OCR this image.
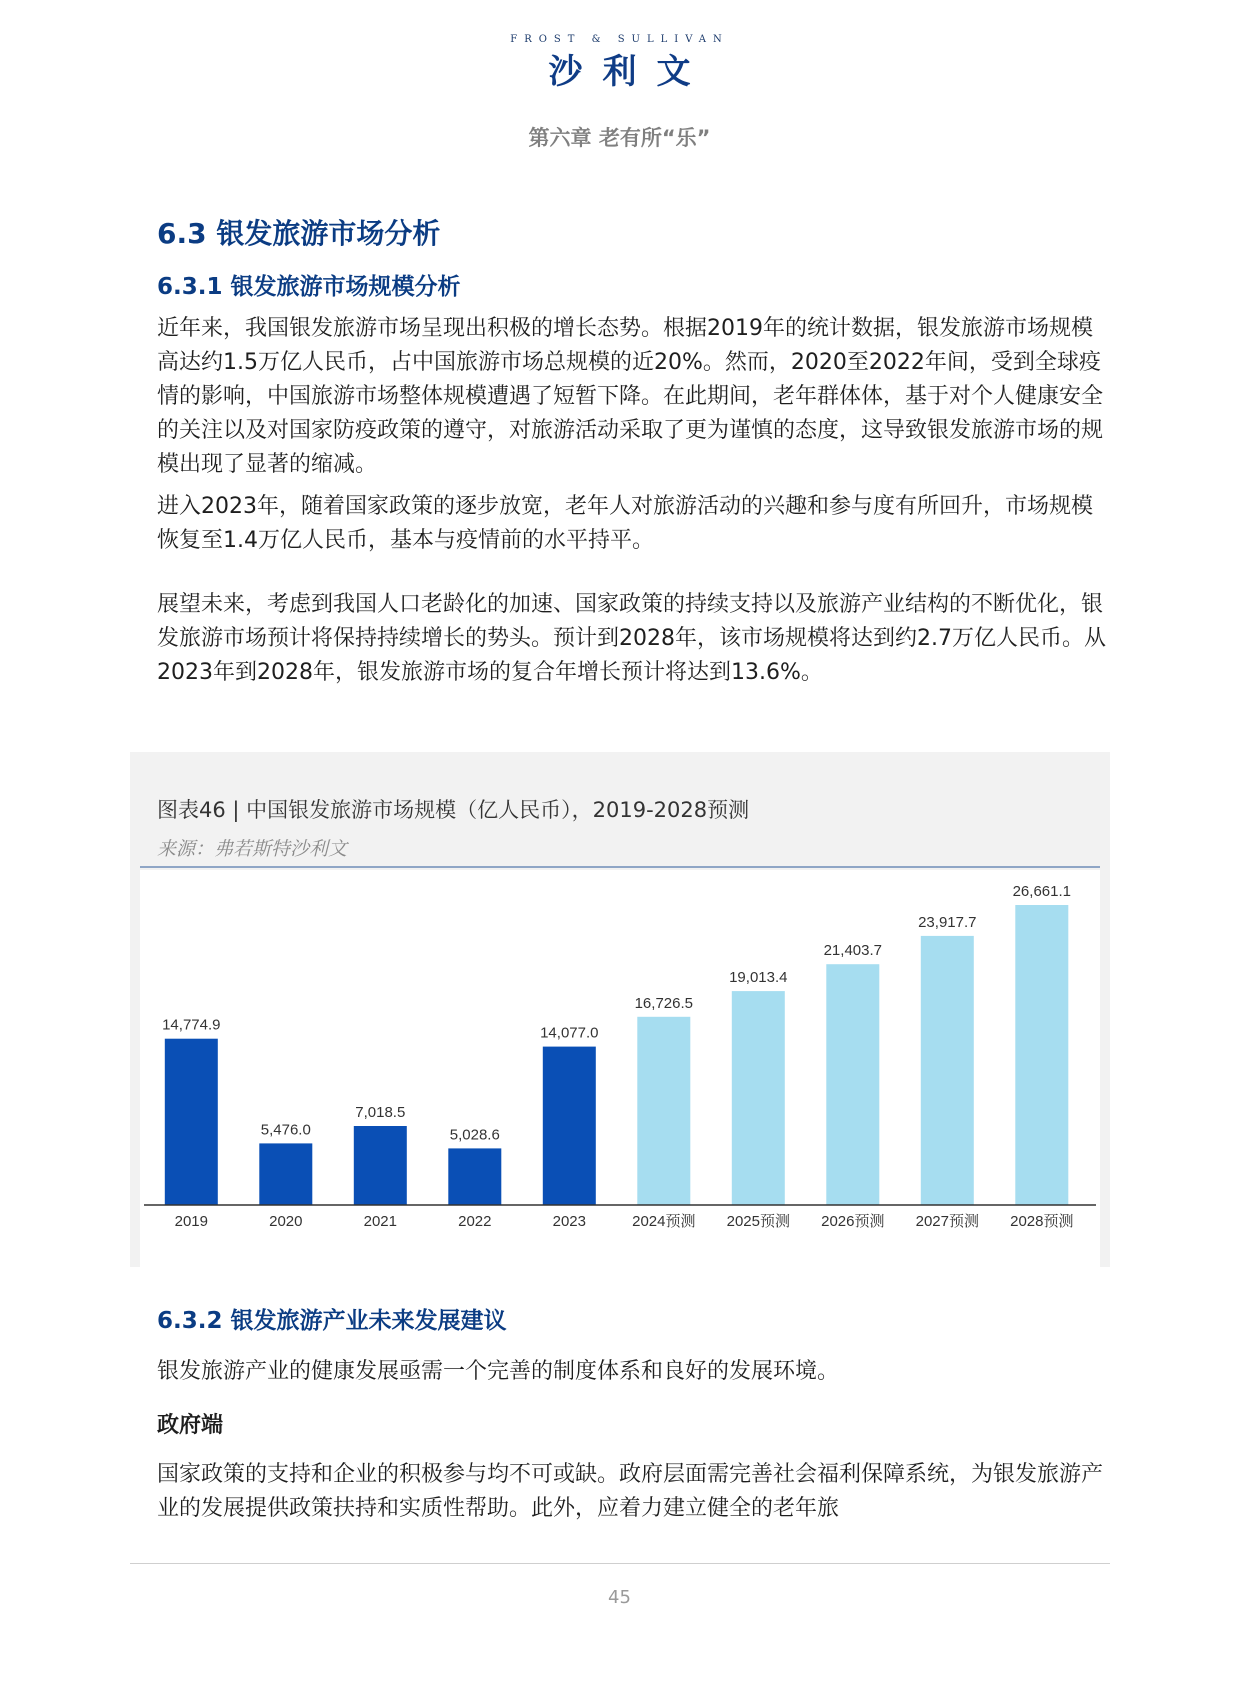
FROST & SULLIVAN
沙利文
第六章 老有所“乐”
6.3 银发旅游市场分析
6.3.1 银发旅游市场规模分析

近年来，我国银发旅游市场呈现出积极的增长态势。根据2019年的统计数据，银发旅游市场规模高达约1.5万亿人民币，占中国旅游市场总规模的近20%。然而，2020至2022年间，受到全球疫情的影响，中国旅游市场整体规模遭遇了短暂下降。在此期间，老年群体体，基于对个人健康安全的关注以及对国家防疫政策的遵守，对旅游活动采取了更为谨慎的态度，这导致银发旅游市场的规模出现了显著的缩减。

进入2023年，随着国家政策的逐步放宽，老年人对旅游活动的兴趣和参与度有所回升，市场规模恢复至1.4万亿人民币，基本与疫情前的水平持平。

展望未来，考虑到我国人口老龄化的加速、国家政策的持续支持以及旅游产业结构的不断优化，银发旅游市场预计将保持持续增长的势头。预计到2028年，该市场规模将达到约2.7万亿人民币。从2023年到2028年，银发旅游市场的复合年增长预计将达到13.6%。

图表46 | 中国银发旅游市场规模（亿人民币），2019-2028预测
来源：弗若斯特沙利文
14,774.9
2019
5,476.0
2020
7,018.5
2021
5,028.6
2022
14,077.0
2023
16,726.5
2024预测
19,013.4
2025预测
21,403.7
2026预测
23,917.7
2027预测
26,661.1
2028预测
6.3.2 银发旅游产业未来发展建议

银发旅游产业的健康发展亟需一个完善的制度体系和良好的发展环境。

政府端

国家政策的支持和企业的积极参与均不可或缺。政府层面需完善社会福利保障系统，为银发旅游产业的发展提供政策扶持和实质性帮助。此外，应着力建立健全的老年旅

45
